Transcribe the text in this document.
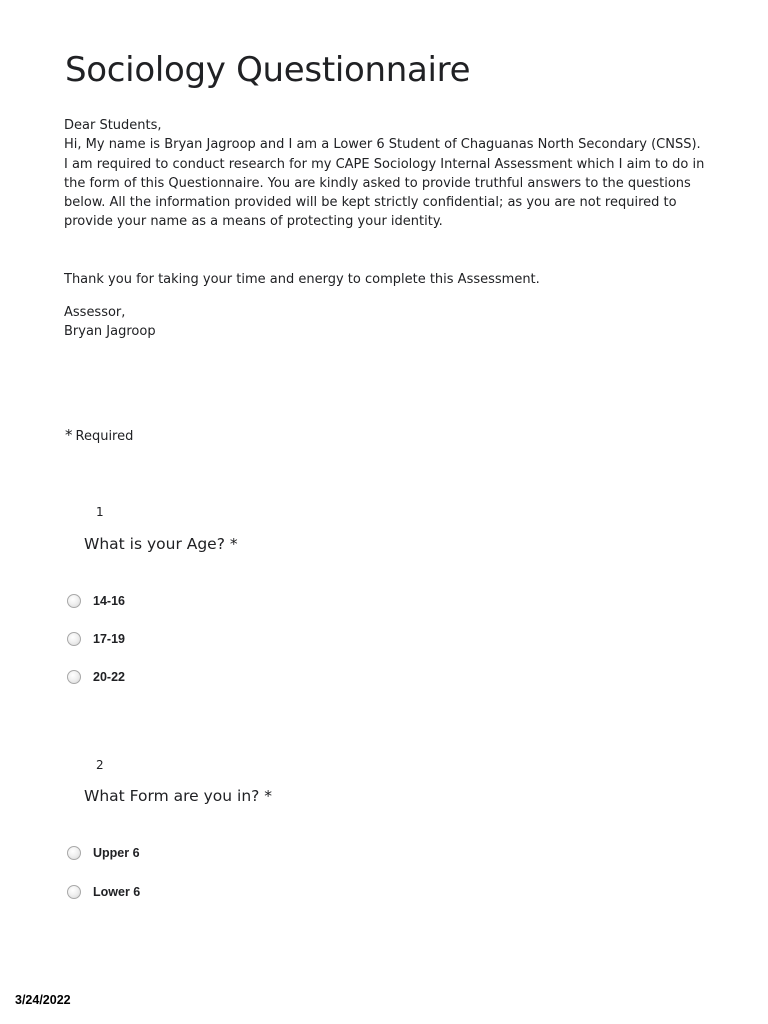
Sociology Questionnaire

Dear Students,

Hi, My name is Bryan Jagroop and I am a Lower 6 Student of Chaguanas North Secondary (CNSS).

I am required to conduct research for my CAPE Sociology Internal Assessment which I aim to do in

the form of this Questionnaire. You are kindly asked to provide truthful answers to the questions

below. All the information provided will be kept strictly confidential; as you are not required to

provide your name as a means of protecting your identity.

Thank you for taking your time and energy to complete this Assessment.

Assessor,

Bryan Jagroop

* Required
1
What is your Age? *
14-16
17-19
20-22
2
What Form are you in? *
Upper 6
Lower 6
3/24/2022
